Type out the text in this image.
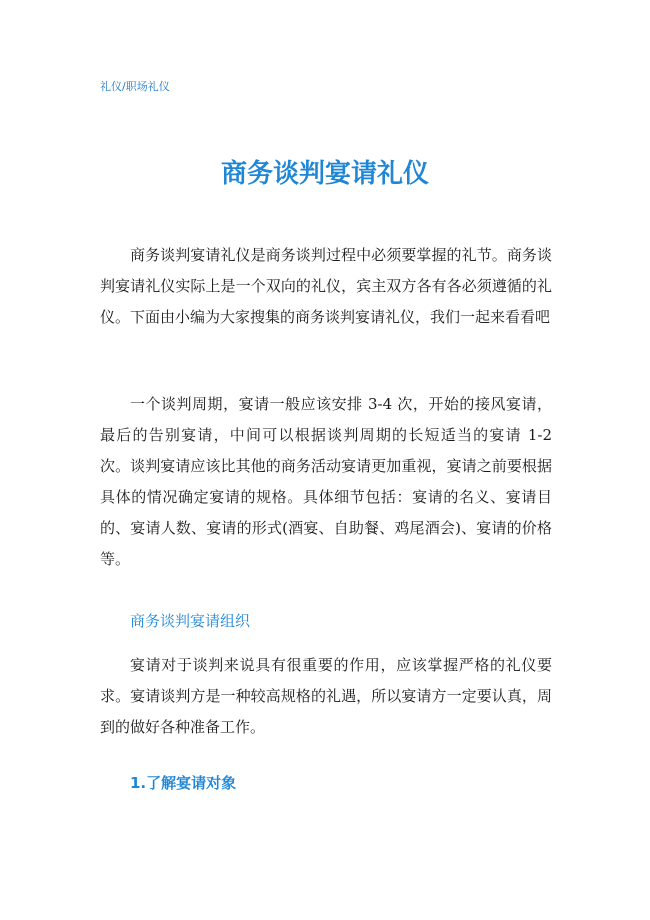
礼仪/职场礼仪
商务谈判宴请礼仪

商务谈判宴请礼仪是商务谈判过程中必须要掌握的礼节。商务谈判宴请礼仪实际上是一个双向的礼仪，宾主双方各有各必须遵循的礼仪。下面由小编为大家搜集的商务谈判宴请礼仪，我们一起来看看吧

一个谈判周期，宴请一般应该安排 3-4 次，开始的接风宴请，最后的告别宴请，中间可以根据谈判周期的长短适当的宴请 1-2 次。谈判宴请应该比其他的商务活动宴请更加重视，宴请之前要根据具体的情况确定宴请的规格。具体细节包括：宴请的名义、宴请目的、宴请人数、宴请的形式(酒宴、自助餐、鸡尾酒会)、宴请的价格等。

商务谈判宴请组织

宴请对于谈判来说具有很重要的作用，应该掌握严格的礼仪要求。宴请谈判方是一种较高规格的礼遇，所以宴请方一定要认真，周到的做好各种准备工作。

1.了解宴请对象
